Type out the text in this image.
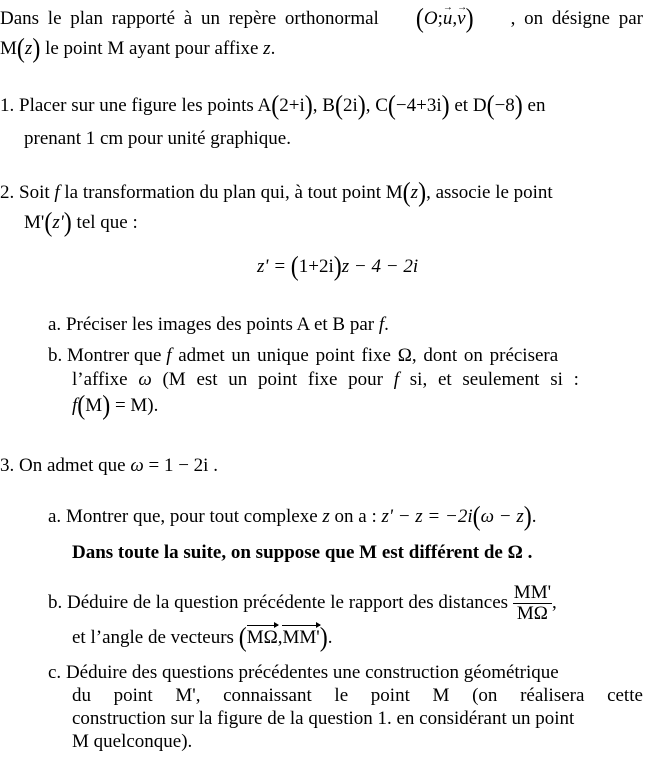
Dans le plan rapporté à un repère orthonormal (O;→ u,→ v) , on désigne par
M(z) le point M ayant pour affixe z.
1. Placer sur une figure les points A(2+i), B(2i), C(−4+3i) et D(−8) en
prenant 1 cm pour unité graphique.
2. Soit f la transformation du plan qui, à tout point M(z), associe le point
M'(z') tel que :
z' = (1+2i)z − 4 − 2i
a. Préciser les images des points A et B par f.
b. Montrer que f admet un unique point fixe Ω, dont on précisera
l’affixe ω (M est un point fixe pour f si, et seulement si :
f(M) = M).
3. On admet que ω = 1 − 2i .
a. Montrer que, pour tout complexe z on a : z' − z = −2i(ω − z).
Dans toute la suite, on suppose que M est différent de Ω .
b. Déduire de la question précédente le rapport des distances $\frac{MM'}{M\Omega}$ ,
et l’angle de vecteurs (MΩ,MM').
c. Déduire des questions précédentes une construction géométrique
du point M', connaissant le point M (on réalisera cette
construction sur la figure de la question 1. en considérant un point
M quelconque).
